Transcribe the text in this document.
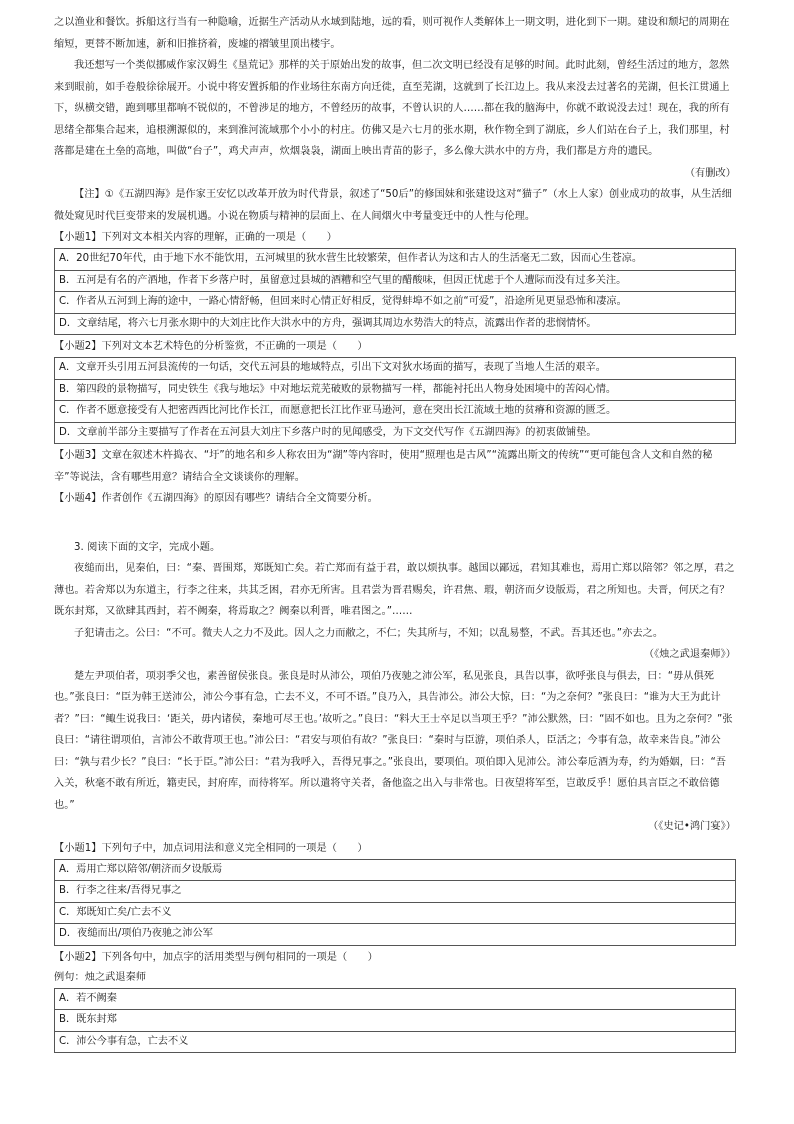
之以渔业和餐饮。拆船这行当有一种隐喻，近据生产活动从水域到陆地，远的看，则可视作人类解体上一期文明，进化到下一期。建设和颓圮的周期在缩短，更替不断加速，新和旧推挤着，废墟的褶皱里顶出楼宇。

我还想写一个类似挪威作家汉姆生《垦荒记》那样的关于原始出发的故事，但二次文明已经没有足够的时间。此时此刻，曾经生活过的地方，忽然来到眼前，如手卷般徐徐展开。小说中将安置拆船的作业场往东南方向迁徙，直至芜湖，这就到了长江边上。我从来没去过著名的芜湖，但长江贯通上下，纵横交错，跑到哪里都响不锐似的，不曾涉足的地方，不曾经历的故事，不曾认识的人……都在我的脑海中，你就不敢说没去过！现在，我的所有思绪全都集合起来，追根溯源似的，来到淮河流域那个小小的村庄。仿佛又是六七月的张水期，秋作物全到了湖底，乡人们站在台子上，我们那里，村落都是建在土垒的高地，叫做“台子”，鸡犬声声，炊烟袅袅，湖面上映出青苗的影子，多么像大洪水中的方舟，我们都是方舟的遗民。

（有删改）

【注】①《五湖四海》是作家王安忆以改革开放为时代背景，叙述了“50后”的修国妹和张建设这对“猫子”（水上人家）创业成功的故事，从生活细微处窥见时代巨变带来的发展机遇。小说在物质与精神的层面上、在人间烟火中考量变迁中的人性与伦理。

【小题1】下列对文本相关内容的理解，正确的一项是（　　）

A．20世纪70年代，由于地下水不能饮用，五河城里的狄水营生比较繁荣，但作者认为这和古人的生活毫无二致，因而心生苍凉。
B．五河是有名的产酒地，作者下乡落户时，虽留意过县城的酒糟和空气里的醋酸味，但因正忧虑于个人遭际而没有过多关注。
C．作者从五河到上海的途中，一路心情舒畅，但回来时心情正好相反，觉得蚌埠不如之前“可爱”，沿途所见更显恐怖和凄凉。
D．文章结尾，将六七月张水期中的大刘庄比作大洪水中的方舟，强调其周边水势浩大的特点，流露出作者的悲悯情怀。

【小题2】下列对文本艺术特色的分析鉴赏，不正确的一项是（　　）

A．文章开头引用五河县流传的一句话，交代五河县的地域特点，引出下文对狄水场面的描写，表现了当地人生活的艰辛。
B．第四段的景物描写，同史铁生《我与地坛》中对地坛荒芜破败的景物描写一样，都能衬托出人物身处困境中的苦闷心情。
C．作者不愿意接受有人把密西西比河比作长江，而愿意把长江比作亚马逊河，意在突出长江流域土地的贫瘠和资源的匮乏。
D．文章前半部分主要描写了作者在五河县大刘庄下乡落户时的见闻感受，为下文交代写作《五湖四海》的初衷做铺垫。

【小题3】文章在叙述木杵捣衣、“圩”的地名和乡人称农田为“湖”等内容时，使用“照理也是古风”“流露出斯文的传统”“更可能包含人文和自然的秘辛”等说法，含有哪些用意？请结合全文谈谈你的理解。

【小题4】作者创作《五湖四海》的原因有哪些？请结合全文简要分析。

3. 阅读下面的文字，完成小题。

夜缒而出，见秦伯，曰：“秦、晋围郑，郑既知亡矣。若亡郑而有益于君，敢以烦执事。越国以鄙远，君知其难也，焉用亡郑以陪邻？邻之厚，君之薄也。若舍郑以为东道主，行李之往来，共其乏困，君亦无所害。且君尝为晋君赐矣，许君焦、瑕，朝济而夕设版焉，君之所知也。夫晋，何厌之有？既东封郑，又欲肆其西封，若不阙秦，将焉取之？阙秦以利晋，唯君图之。”……

子犯请击之。公曰：“不可。微夫人之力不及此。因人之力而敝之，不仁；失其所与，不知；以乱易整，不武。吾其还也。”亦去之。

（《烛之武退秦师》）

楚左尹项伯者，项羽季父也，素善留侯张良。张良是时从沛公，项伯乃夜驰之沛公军，私见张良，具告以事，欲呼张良与俱去，曰：“毋从俱死也。”张良曰：“臣为韩王送沛公，沛公今事有急，亡去不义，不可不语。”良乃入，具告沛公。沛公大惊，曰：“为之奈何？”张良曰：“谁为大王为此计者？”曰：“鲰生说我曰：‘距关，毋内诸侯，秦地可尽王也。’故听之。”良曰：“料大王士卒足以当项王乎？”沛公默然，曰：“固不如也。且为之奈何？”张良曰：“请往谓项伯，言沛公不敢背项王也。”沛公曰：“君安与项伯有故？”张良曰：“秦时与臣游，项伯杀人，臣活之；今事有急，故幸来告良。”沛公曰：“孰与君少长？”良曰：“长于臣。”沛公曰：“君为我呼入，吾得兄事之。”张良出，要项伯。项伯即入见沛公。沛公奉卮酒为寿，约为婚姻，曰：“吾入关，秋毫不敢有所近，籍吏民，封府库，而待将军。所以遣将守关者，备他盗之出入与非常也。日夜望将军至，岂敢反乎！愿伯具言臣之不敢倍德也。”

（《史记•鸿门宴》）

【小题1】下列句子中，加点词用法和意义完全相同的一项是（　　）

A．焉用亡郑以陪邻/朝济而夕设版焉
B．行李之往来/吾得兄事之
C．郑既知亡矣/亡去不义
D．夜缒而出/项伯乃夜驰之沛公军

【小题2】下列各句中，加点字的活用类型与例句相同的一项是（　　）

例句：烛之武退秦师

A．若不阙秦
B．既东封郑
C．沛公今事有急，亡去不义
